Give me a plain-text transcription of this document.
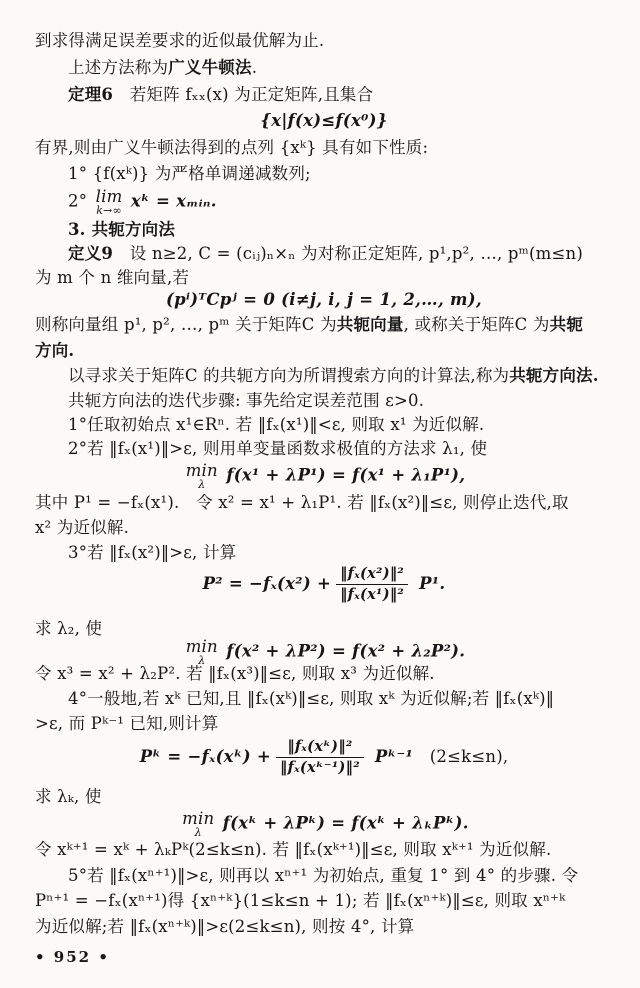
到求得满足误差要求的近似最优解为止.
上述方法称为广义牛顿法.
定理6　若矩阵 fₓₓ(x) 为正定矩阵,且集合
{x|f(x)≤f(x⁰)}
有界,则由广义牛顿法得到的点列 {xᵏ} 具有如下性质:
1° {f(xᵏ)} 为严格单调递减数列;
2° lim
k→∞
xᵏ = xₘᵢₙ.
3. 共轭方向法
定义9　设 n≥2, C = (cᵢⱼ)ₙ×ₙ 为对称正定矩阵, p¹,p², …, pᵐ(m≤n)
为 m 个 n 维向量,若
(pⁱ)ᵀCpʲ = 0 (i≠j, i, j = 1, 2,…, m),
则称向量组 p¹, p², …, pᵐ 关于矩阵C 为共轭向量, 或称关于矩阵C 为共轭
方向.
以寻求关于矩阵C 的共轭方向为所谓搜索方向的计算法,称为共轭方向法.
共轭方向法的迭代步骤: 事先给定误差范围 ε>0.
1°任取初始点 x¹∈Rⁿ. 若 ‖fₓ(x¹)‖<ε, 则取 x¹ 为近似解.
2°若 ‖fₓ(x¹)‖>ε, 则用单变量函数求极值的方法求 λ₁, 使
min
λ
f(x¹ + λP¹) = f(x¹ + λ₁P¹),
其中 P¹ = −fₓ(x¹).　令 x² = x¹ + λ₁P¹. 若 ‖fₓ(x²)‖≤ε, 则停止迭代,取
x² 为近似解.
3°若 ‖fₓ(x²)‖>ε, 计算
$P^2 = -f_x(x^2) + \frac{\text{‖fₓ(x²)‖²}}{\text{‖fₓ(x¹)‖²}} P^1$.
求 λ₂, 使
min
λ
f(x² + λP²) = f(x² + λ₂P²).
令 x³ = x² + λ₂P². 若 ‖fₓ(x³)‖≤ε, 则取 x³ 为近似解.
4°一般地,若 xᵏ 已知,且 ‖fₓ(xᵏ)‖≤ε, 则取 xᵏ 为近似解;若 ‖fₓ(xᵏ)‖
>ε, 而 Pᵏ⁻¹ 已知,则计算
Pᵏ = −fₓ(xᵏ) + $\frac{\text{‖fₓ(xᵏ)‖²}}{\text{‖fₓ(xᵏ⁻¹)‖²}}$ Pᵏ⁻¹　(2≤k≤n),
求 λₖ, 使
min
λ
f(xᵏ + λPᵏ) = f(xᵏ + λₖPᵏ).
令 xᵏ⁺¹ = xᵏ + λₖPᵏ(2≤k≤n). 若 ‖fₓ(xᵏ⁺¹)‖≤ε, 则取 xᵏ⁺¹ 为近似解.
5°若 ‖fₓ(xⁿ⁺¹)‖>ε, 则再以 xⁿ⁺¹ 为初始点, 重复 1° 到 4° 的步骤. 令
Pⁿ⁺¹ = −fₓ(xⁿ⁺¹)得 {xⁿ⁺ᵏ}(1≤k≤n + 1); 若 ‖fₓ(xⁿ⁺ᵏ)‖≤ε, 则取 xⁿ⁺ᵏ
为近似解;若 ‖fₓ(xⁿ⁺ᵏ)‖>ε(2≤k≤n), 则按 4°, 计算
• 952 •
